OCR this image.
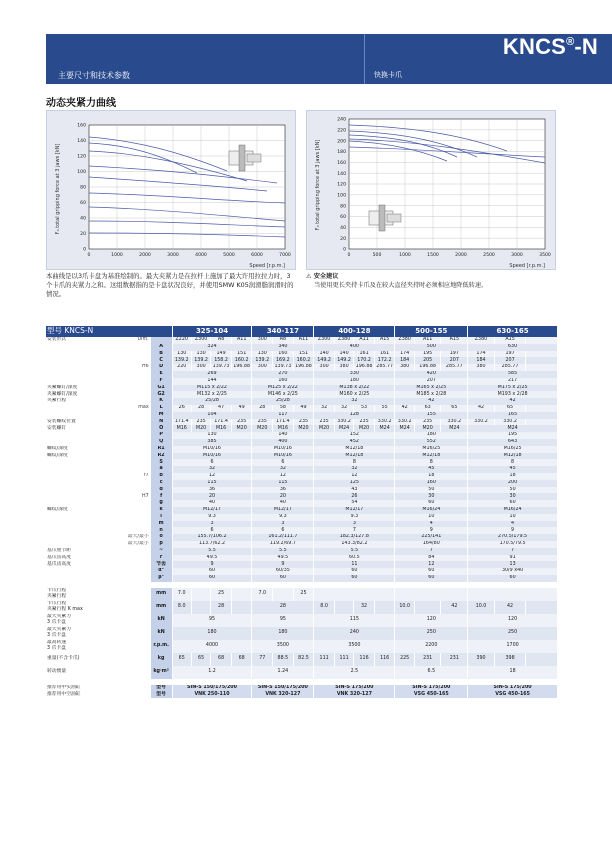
KNCS®-N
主要尺寸和技术参数	快换卡爪
动态夹紧力曲线
0	1000	2000	3000	4000	5000	6000	7000
0
20
40
60
80
100
120
140
160
F₀ total gripping force at 3 jaws [kN]
Speed [r.p.m.]
0	500	1000	1500	2000	2500	3000	3500
0
20
40
60
80
100
120
140
160
180
200
220
240
F₀ total gripping force at 3 jaws [kN]
Speed [r.p.m.]
本曲线是以3爪卡盘为基准绘制的。最大夹紧力是在拉杆上施加了最大许用拉拉力时，3个卡爪的夹紧力之和。这组数据指的是卡盘状况良好，并使用SMW K05润滑脂润滑时的情况。
⚠ 安全建议
当使用更长夹持卡爪及在较大直径夹持时必须相应地降低转速。
型号 KNCS-N			325-104				340-117			400-128				500-155			630-165		
安装形式	Dim.		Z220	Z300	A8	A11	300	A8	A11	Z300	Z380	A11	A15	Z380	A11	A15	Z380	A15	
		A	324				340			400				500			630		
		B	130	130	149	151	130	160	151	140	140	161	161	174	195	197	174	197	
		C	139.2	139.2	158.2	160.2	139.2	169.2	160.2	149.2	149.2	170.2	172.2	184	205	207	184	207	
	H6	D	220	300	139.73	196.88	300	139.73	196.88	300	380	196.88	285.77	380	196.88	285.77	380	285.77	
		E	269				270			330				420			585		
		F	144				160			180				207			217		
夹紧螺钉/深度		G1	M115 x 2/22				M125 x 2/22			M138 x 2/22				M165 x 2/25			M175 x 2/25		
夹紧螺钉/深度		G2	M132 x 2/25				M146 x 2/25			M160 x 2/25				M185 x 2/28			M193 x 2/28		
夹紧行程		K	25/28				25/28			32				42			42		
	max	L	26	28	47	49	28	58	49	32	32	53	55	42	63	65	42	65	
		M	104				117			128				155			165		
安装螺纹位置		N	171.4	235	171.4	235	235	171.4	235	235	330.2	235	330.2	330.2	235	330.2	330.2	330.2	
安装螺钉		O	M16	M20	M16	M20	M20	M16	M20	M20	M24	M20	M24	M24	M20	M24	M24		
		P	130				140			152				180			195		
		Q	385				400			452				552			643		
螺纹/深度		R1	M10/16				M10/16			M12/18				M16/25			M16/25		
螺纹/深度		R2	M10/16				M10/16			M12/18				M12/18			M12/18		
		S	6				6			8				8			8		
		a	32				32			32				45			45		
	f7	b	12				12			12				18			18		
		c	115				115			125				160			200		
		d	36				36			43				50			50		
	H7	f	20				20			26				30			30		
		g	40				40			54				60			60		
螺纹/深度		k	M12/17				M12/17			M12/17				M16/24			M16/24		
		l	9.3				9.3			9.3				10			10		
		m	3				3			3				4			4		
		n	6				6			7				9			9		
	最大/最小	o	155.7/106.2				161.2/111.7			182.3/127.8				225/141			270.5/179.5		
	最大/最小	p	113.7/62.2				119.2/69.7			143.3/82.2				164/80			170.5/79.5		
基爪重节距		~	5.5				5.5			5.5				7			7		
基爪齿高度		r	49.5				49.5			60.5				84			91		
基爪齿高度		节齿	9				9			11				12			13		
		α°	60				60/35			60				60			30/9 x40		
		β°	60				60			60				60			60		

卡爪行程
夹紧行程		mm	7.0		25		7.0		25										

卡爪行程
夹紧行程 K max		mm	8.0		28		28			8.0		32		10.0		42	10.0	42	

最大夹紧力
3 爪卡盘		kN	95				95			115				120			120		

最大夹紧力
3 爪卡盘		kN	180				180			240				250			250		

最高转速
3 爪卡盘		r.p.m.	4000				3500			3500				2200			1700		

重量(不含卡爪)		kg	65	65	68	68	77	88.5	82.5	111	111	116	116	225	231	231	390	398	

转动惯量		kg·m²	1.2				1.24			2.5				6.5			18		

推荐用中实油缸		型号	SIN-S 150/175/200				SIN-S 150/175/200			SIN-S 175/200				SIN-S 175/200			SIN-S 175/200		
推荐用中空油缸		型号	VNK 250-110				VNK 320-127			VNK 320-127				VSG 450-165			VSG 450-165		
